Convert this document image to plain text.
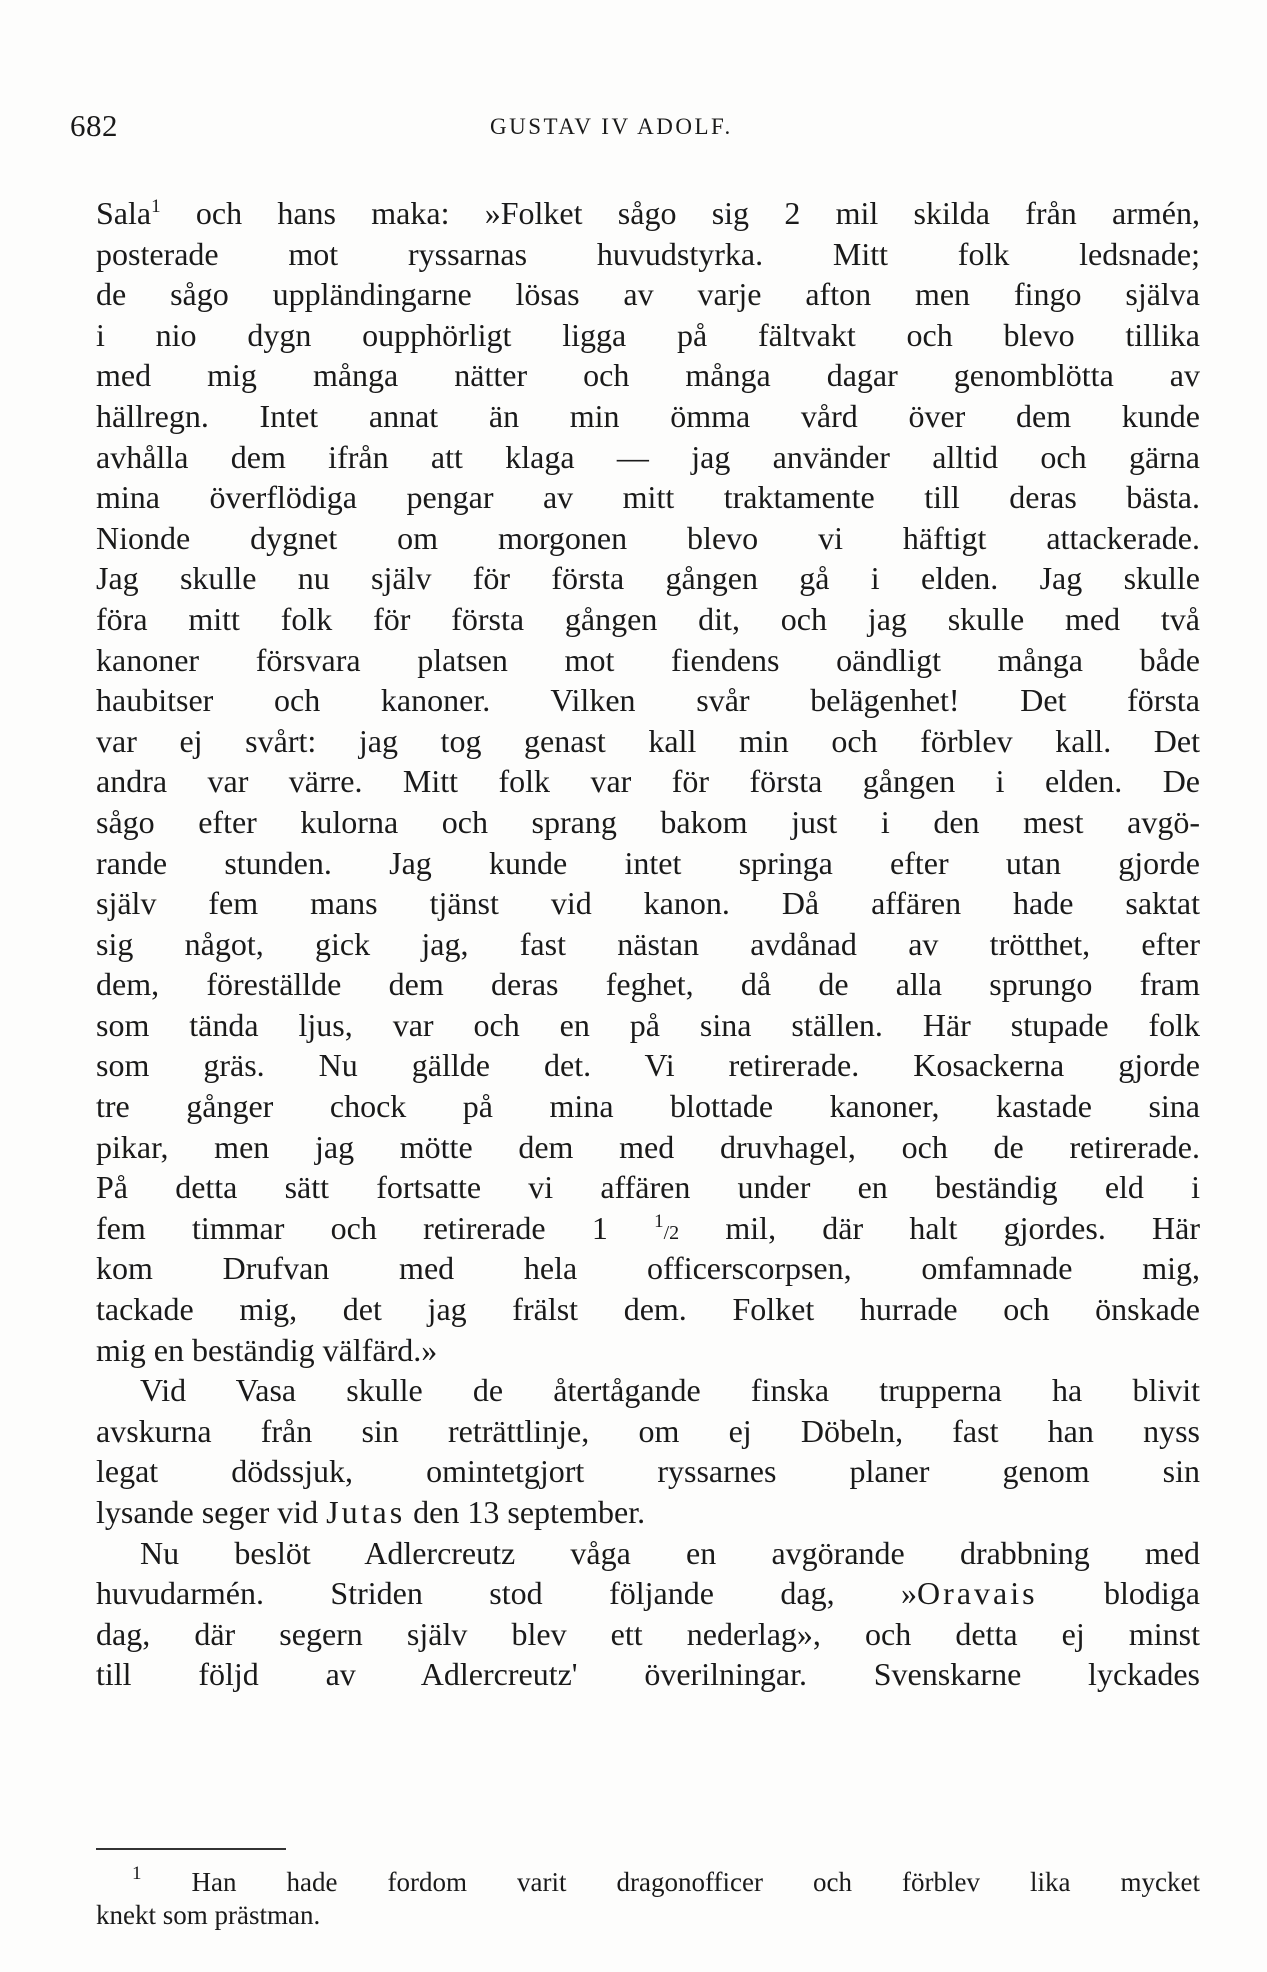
682	GUSTAV IV ADOLF.
Sala$^1$ och hans maka: »Folket sågo sig 2 mil skilda från armén,
posterade mot ryssarnas huvudstyrka. Mitt folk ledsnade;
de sågo uppländingarne lösas av varje afton men fingo själva
i nio dygn oupphörligt ligga på fältvakt och blevo tillika
med mig många nätter och många dagar genomblötta av
hällregn. Intet annat än min ömma vård över dem kunde
avhålla dem ifrån att klaga — jag använder alltid och gärna
mina överflödiga pengar av mitt traktamente till deras bästa.
Nionde dygnet om morgonen blevo vi häftigt attackerade.
Jag skulle nu själv för första gången gå i elden. Jag skulle
föra mitt folk för första gången dit, och jag skulle med två
kanoner försvara platsen mot fiendens oändligt många både
haubitser och kanoner. Vilken svår belägenhet! Det första
var ej svårt: jag tog genast kall min och förblev kall. Det
andra var värre. Mitt folk var för första gången i elden. De
sågo efter kulorna och sprang bakom just i den mest avgö-
rande stunden. Jag kunde intet springa efter utan gjorde
själv fem mans tjänst vid kanon. Då affären hade saktat
sig något, gick jag, fast nästan avdånad av trötthet, efter
dem, föreställde dem deras feghet, då de alla sprungo fram
som tända ljus, var och en på sina ställen. Här stupade folk
som gräs. Nu gällde det. Vi retirerade. Kosackerna gjorde
tre gånger chock på mina blottade kanoner, kastade sina
pikar, men jag mötte dem med druvhagel, och de retirerade.
På detta sätt fortsatte vi affären under en beständig eld i
fem timmar och retirerade 1 $^1$/2 mil, där halt gjordes. Här
kom Drufvan med hela officerscorpsen, omfamnade mig,
tackade mig, det jag frälst dem. Folket hurrade och önskade
mig en beständig välfärd.»
Vid Vasa skulle de återtågande finska trupperna ha blivit
avskurna från sin reträttlinje, om ej Döbeln, fast han nyss
legat dödssjuk, omintetgjort ryssarnes planer genom sin
lysande seger vid Jutas den 13 september.
Nu beslöt Adlercreutz våga en avgörande drabbning med
huvudarmén. Striden stod följande dag, »Oravais blodiga
dag, där segern själv blev ett nederlag», och detta ej minst
till följd av Adlercreutz' överilningar. Svenskarne lyckades
$^1$ Han hade fordom varit dragonofficer och förblev lika mycket
knekt som prästman.
